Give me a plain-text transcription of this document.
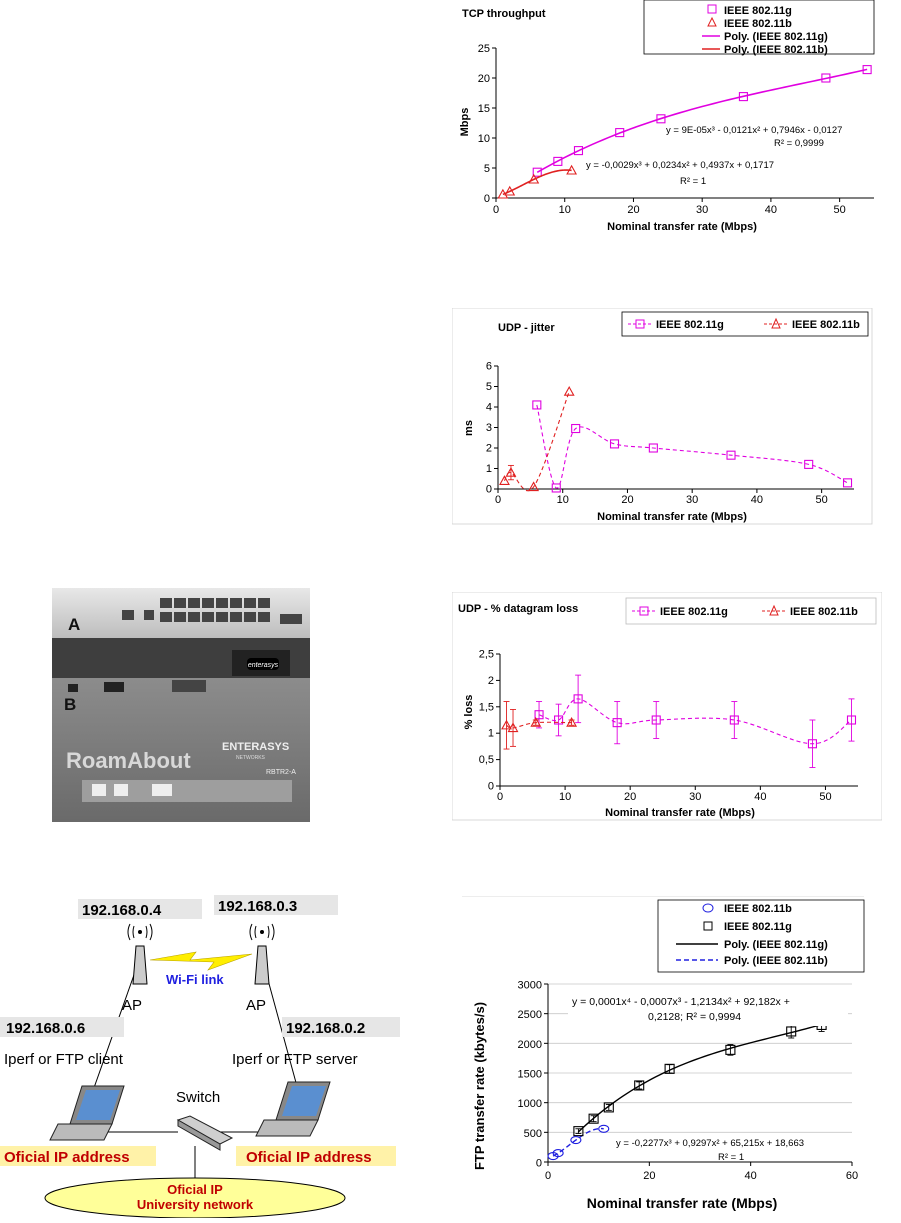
IEEE 802.11g
IEEE 802.11b
Poly. (IEEE 802.11g)
Poly. (IEEE 802.11b)
TCP throughput
Mbps
Nominal transfer rate (Mbps)
0	10	20	30	40	50
0
5
10
15
20
25
y = 9E-05x³ - 0,0121x² + 0,7946x - 0,0127
R² = 0,9999
y = -0,0029x³ + 0,0234x² + 0,4937x + 0,1717
R² = 1
IEEE 802.11g	IEEE 802.11b
UDP - jitter
ms
Nominal transfer rate (Mbps)
0	10	20	30	40	50
0
1
2
3
4
5
6
IEEE 802.11g	IEEE 802.11b
UDP - % datagram loss
% loss
Nominal transfer rate (Mbps)
0	10	20	30	40	50
0
0,5
1
1,5
2
2,5
IEEE 802.11b
IEEE 802.11g
Poly. (IEEE 802.11g)
Poly. (IEEE 802.11b)
FTP transfer rate (kbytes/s)
Nominal transfer rate (Mbps)
0	20	40	60
0
500
1000
1500
2000
2500
3000
y = 0,0001x⁴ - 0,0007x³ - 1,2134x² + 92,182x +
0,2128; R² = 0,9994
y = -0,2277x³ + 0,9297x² + 65,215x + 18,663
R² = 1
A
enterasys
B
ENTERASYS
NETWORKS
RoamAbout	RBTR2-A
192.168.0.4	192.168.0.3
192.168.0.6	192.168.0.2
Wi-Fi link
AP	AP
Iperf or FTP client	Iperf or FTP server
Switch
Oficial IP address	Oficial IP address
Oficial IP
University network
